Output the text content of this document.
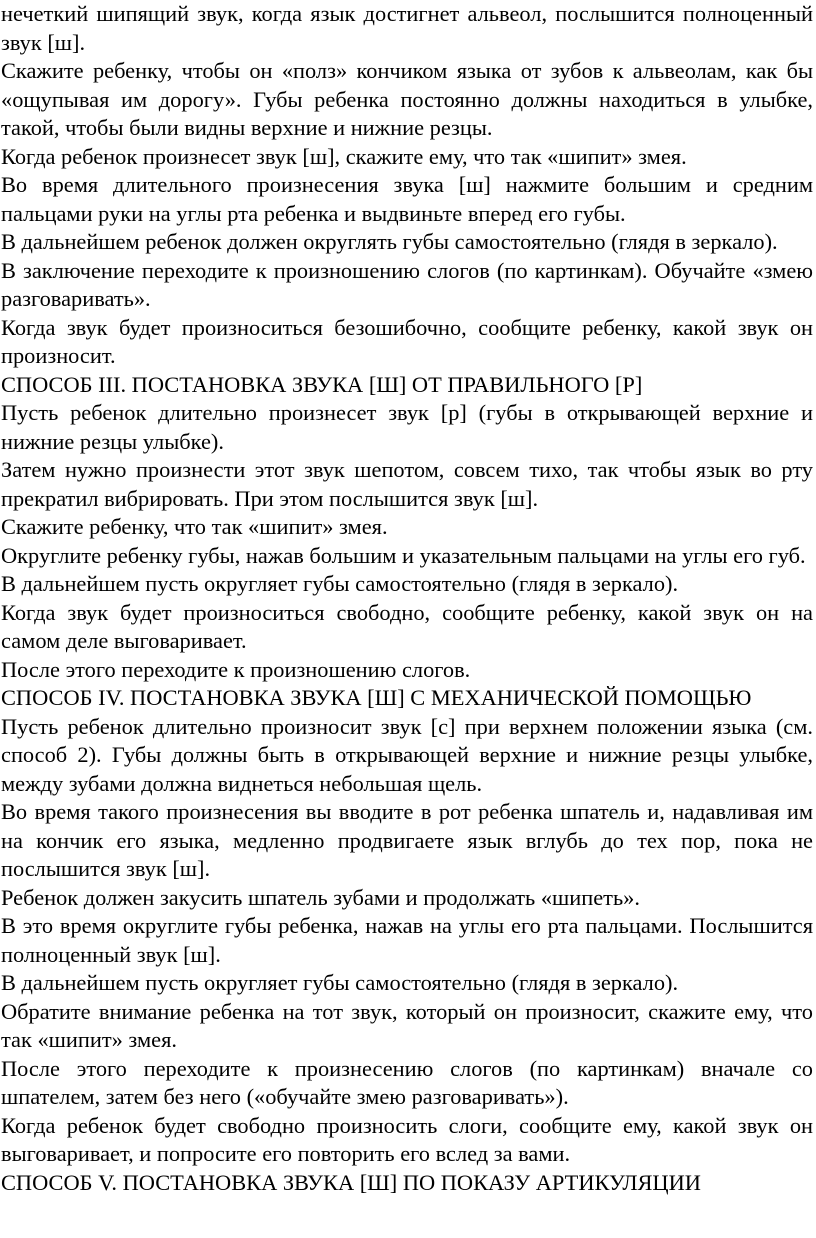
нечеткий шипящий звук, когда язык достигнет альвеол, послышится полноценный звук [ш].

Скажите ребенку, чтобы он «полз» кончиком языка от зубов к альвеолам, как бы «ощупывая им дорогу». Губы ребенка постоянно должны находиться в улыбке, такой, чтобы были видны верхние и нижние резцы.

Когда ребенок произнесет звук [ш], скажите ему, что так «шипит» змея.

Во время длительного произнесения звука [ш] нажмите большим и средним пальцами руки на углы рта ребенка и выдвиньте вперед его губы.

В дальнейшем ребенок должен округлять губы самостоятельно (глядя в зеркало).

В заключение переходите к произношению слогов (по картинкам). Обучайте «змею разговаривать».

Когда звук будет произноситься безошибочно, сообщите ребенку, какой звук он произносит.

СПОСОБ III. ПОСТАНОВКА ЗВУКА [Ш] ОТ ПРАВИЛЬНОГО [Р]

Пусть ребенок длительно произнесет звук [р] (губы в открывающей верхние и нижние резцы улыбке).

Затем нужно произнести этот звук шепотом, совсем тихо, так чтобы язык во рту прекратил вибрировать. При этом послышится звук [ш].

Скажите ребенку, что так «шипит» змея.

Округлите ребенку губы, нажав большим и указательным пальцами на углы его губ.

В дальнейшем пусть округляет губы самостоятельно (глядя в зеркало).

Когда звук будет произноситься свободно, сообщите ребенку, какой звук он на самом деле выговаривает.

После этого переходите к произношению слогов.

СПОСОБ IV. ПОСТАНОВКА ЗВУКА [Ш] С МЕХАНИЧЕСКОЙ ПОМОЩЬЮ

Пусть ребенок длительно произносит звук [с] при верхнем положении языка (см. способ 2). Губы должны быть в открывающей верхние и нижние резцы улыбке, между зубами должна виднеться небольшая щель.

Во время такого произнесения вы вводите в рот ребенка шпатель и, надавливая им на кончик его языка, медленно продвигаете язык вглубь до тех пор, пока не послышится звук [ш].

Ребенок должен закусить шпатель зубами и продолжать «шипеть».

В это время округлите губы ребенка, нажав на углы его рта пальцами. Послышится полноценный звук [ш].

В дальнейшем пусть округляет губы самостоятельно (глядя в зеркало).

Обратите внимание ребенка на тот звук, который он произносит, скажите ему, что так «шипит» змея.

После этого переходите к произнесению слогов (по картинкам) вначале со шпателем, затем без него («обучайте змею разговаривать»).

Когда ребенок будет свободно произносить слоги, сообщите ему, какой звук он выговаривает, и попросите его повторить его вслед за вами.

СПОСОБ V. ПОСТАНОВКА ЗВУКА [Ш] ПО ПОКАЗУ АРТИКУЛЯЦИИ
